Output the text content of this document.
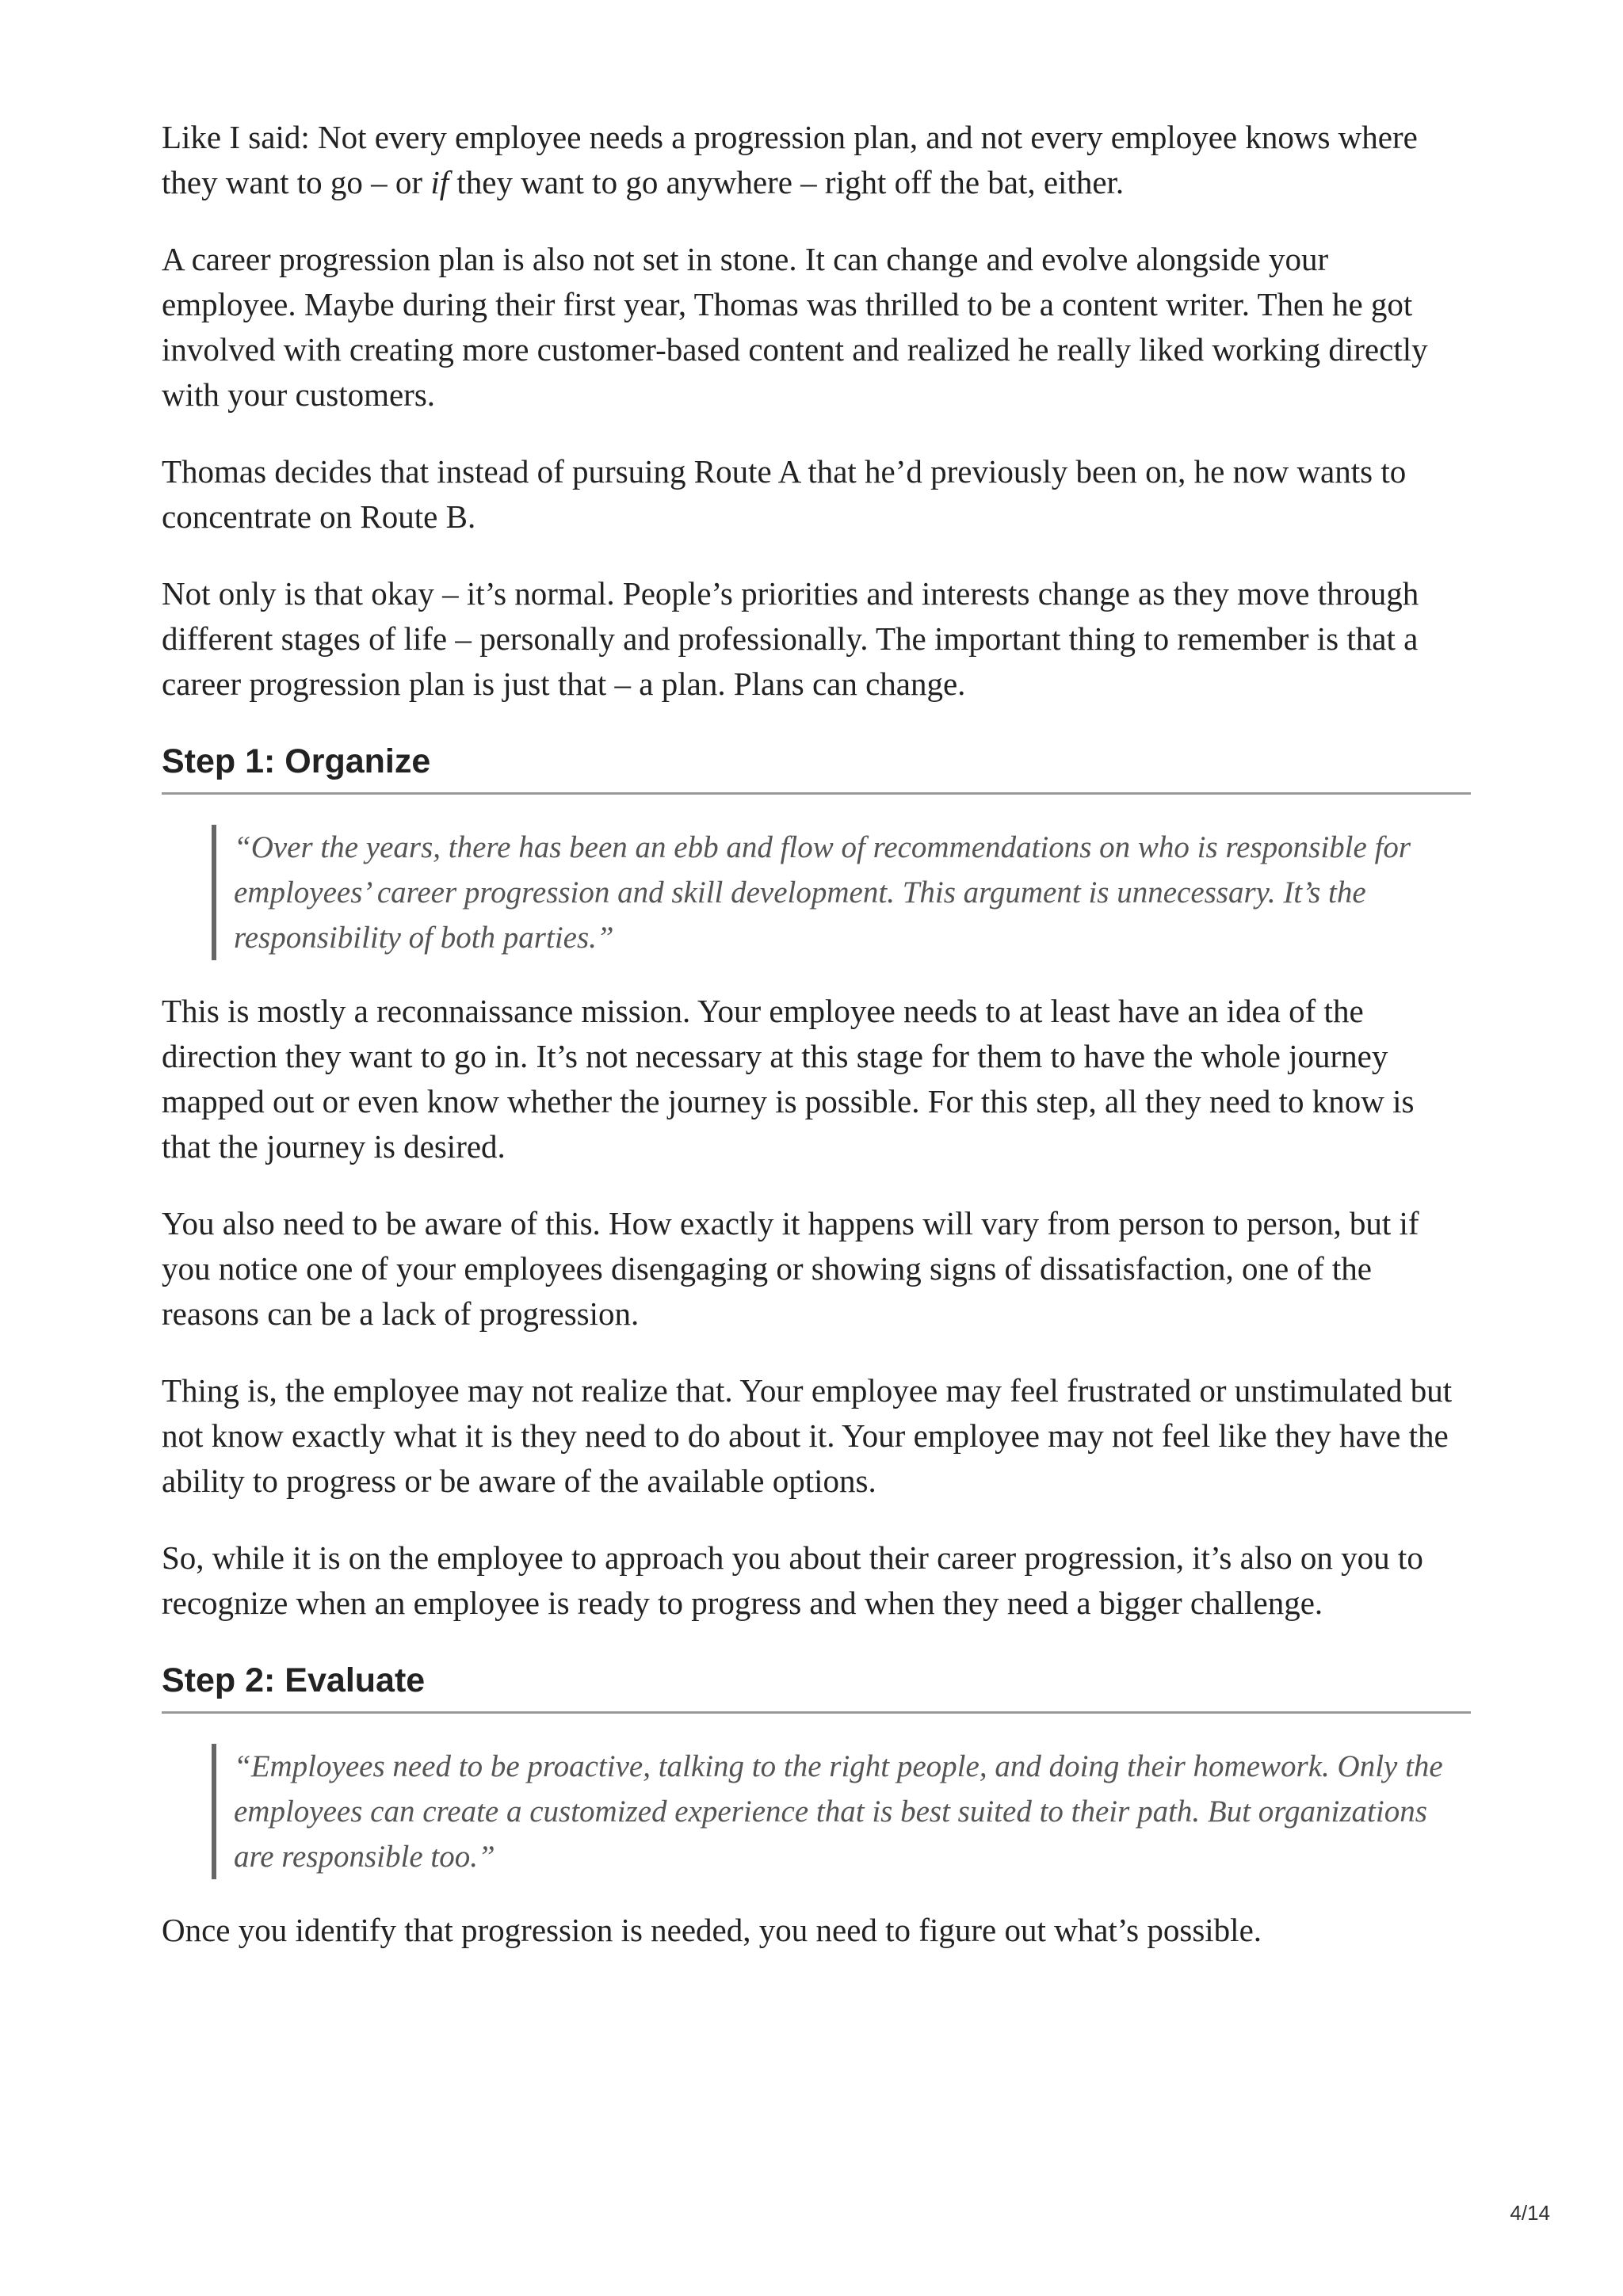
Like I said: Not every employee needs a progression plan, and not every employee knows where they want to go – or if they want to go anywhere – right off the bat, either.

A career progression plan is also not set in stone. It can change and evolve alongside your employee. Maybe during their first year, Thomas was thrilled to be a content writer. Then he got involved with creating more customer-based content and realized he really liked working directly with your customers.

Thomas decides that instead of pursuing Route A that he’d previously been on, he now wants to concentrate on Route B.

Not only is that okay – it’s normal. People’s priorities and interests change as they move through different stages of life – personally and professionally. The important thing to remember is that a career progression plan is just that – a plan. Plans can change.

Step 1: Organize
“Over the years, there has been an ebb and flow of recommendations on who is responsible for employees’ career progression and skill development. This argument is unnecessary. It’s the responsibility of both parties.”

This is mostly a reconnaissance mission. Your employee needs to at least have an idea of the direction they want to go in. It’s not necessary at this stage for them to have the whole journey mapped out or even know whether the journey is possible. For this step, all they need to know is that the journey is desired.

You also need to be aware of this. How exactly it happens will vary from person to person, but if you notice one of your employees disengaging or showing signs of dissatisfaction, one of the reasons can be a lack of progression.

Thing is, the employee may not realize that. Your employee may feel frustrated or unstimulated but not know exactly what it is they need to do about it. Your employee may not feel like they have the ability to progress or be aware of the available options.

So, while it is on the employee to approach you about their career progression, it’s also on you to recognize when an employee is ready to progress and when they need a bigger challenge.

Step 2: Evaluate
“Employees need to be proactive, talking to the right people, and doing their homework. Only the employees can create a customized experience that is best suited to their path. But organizations are responsible too.”

Once you identify that progression is needed, you need to figure out what’s possible.

4/14
